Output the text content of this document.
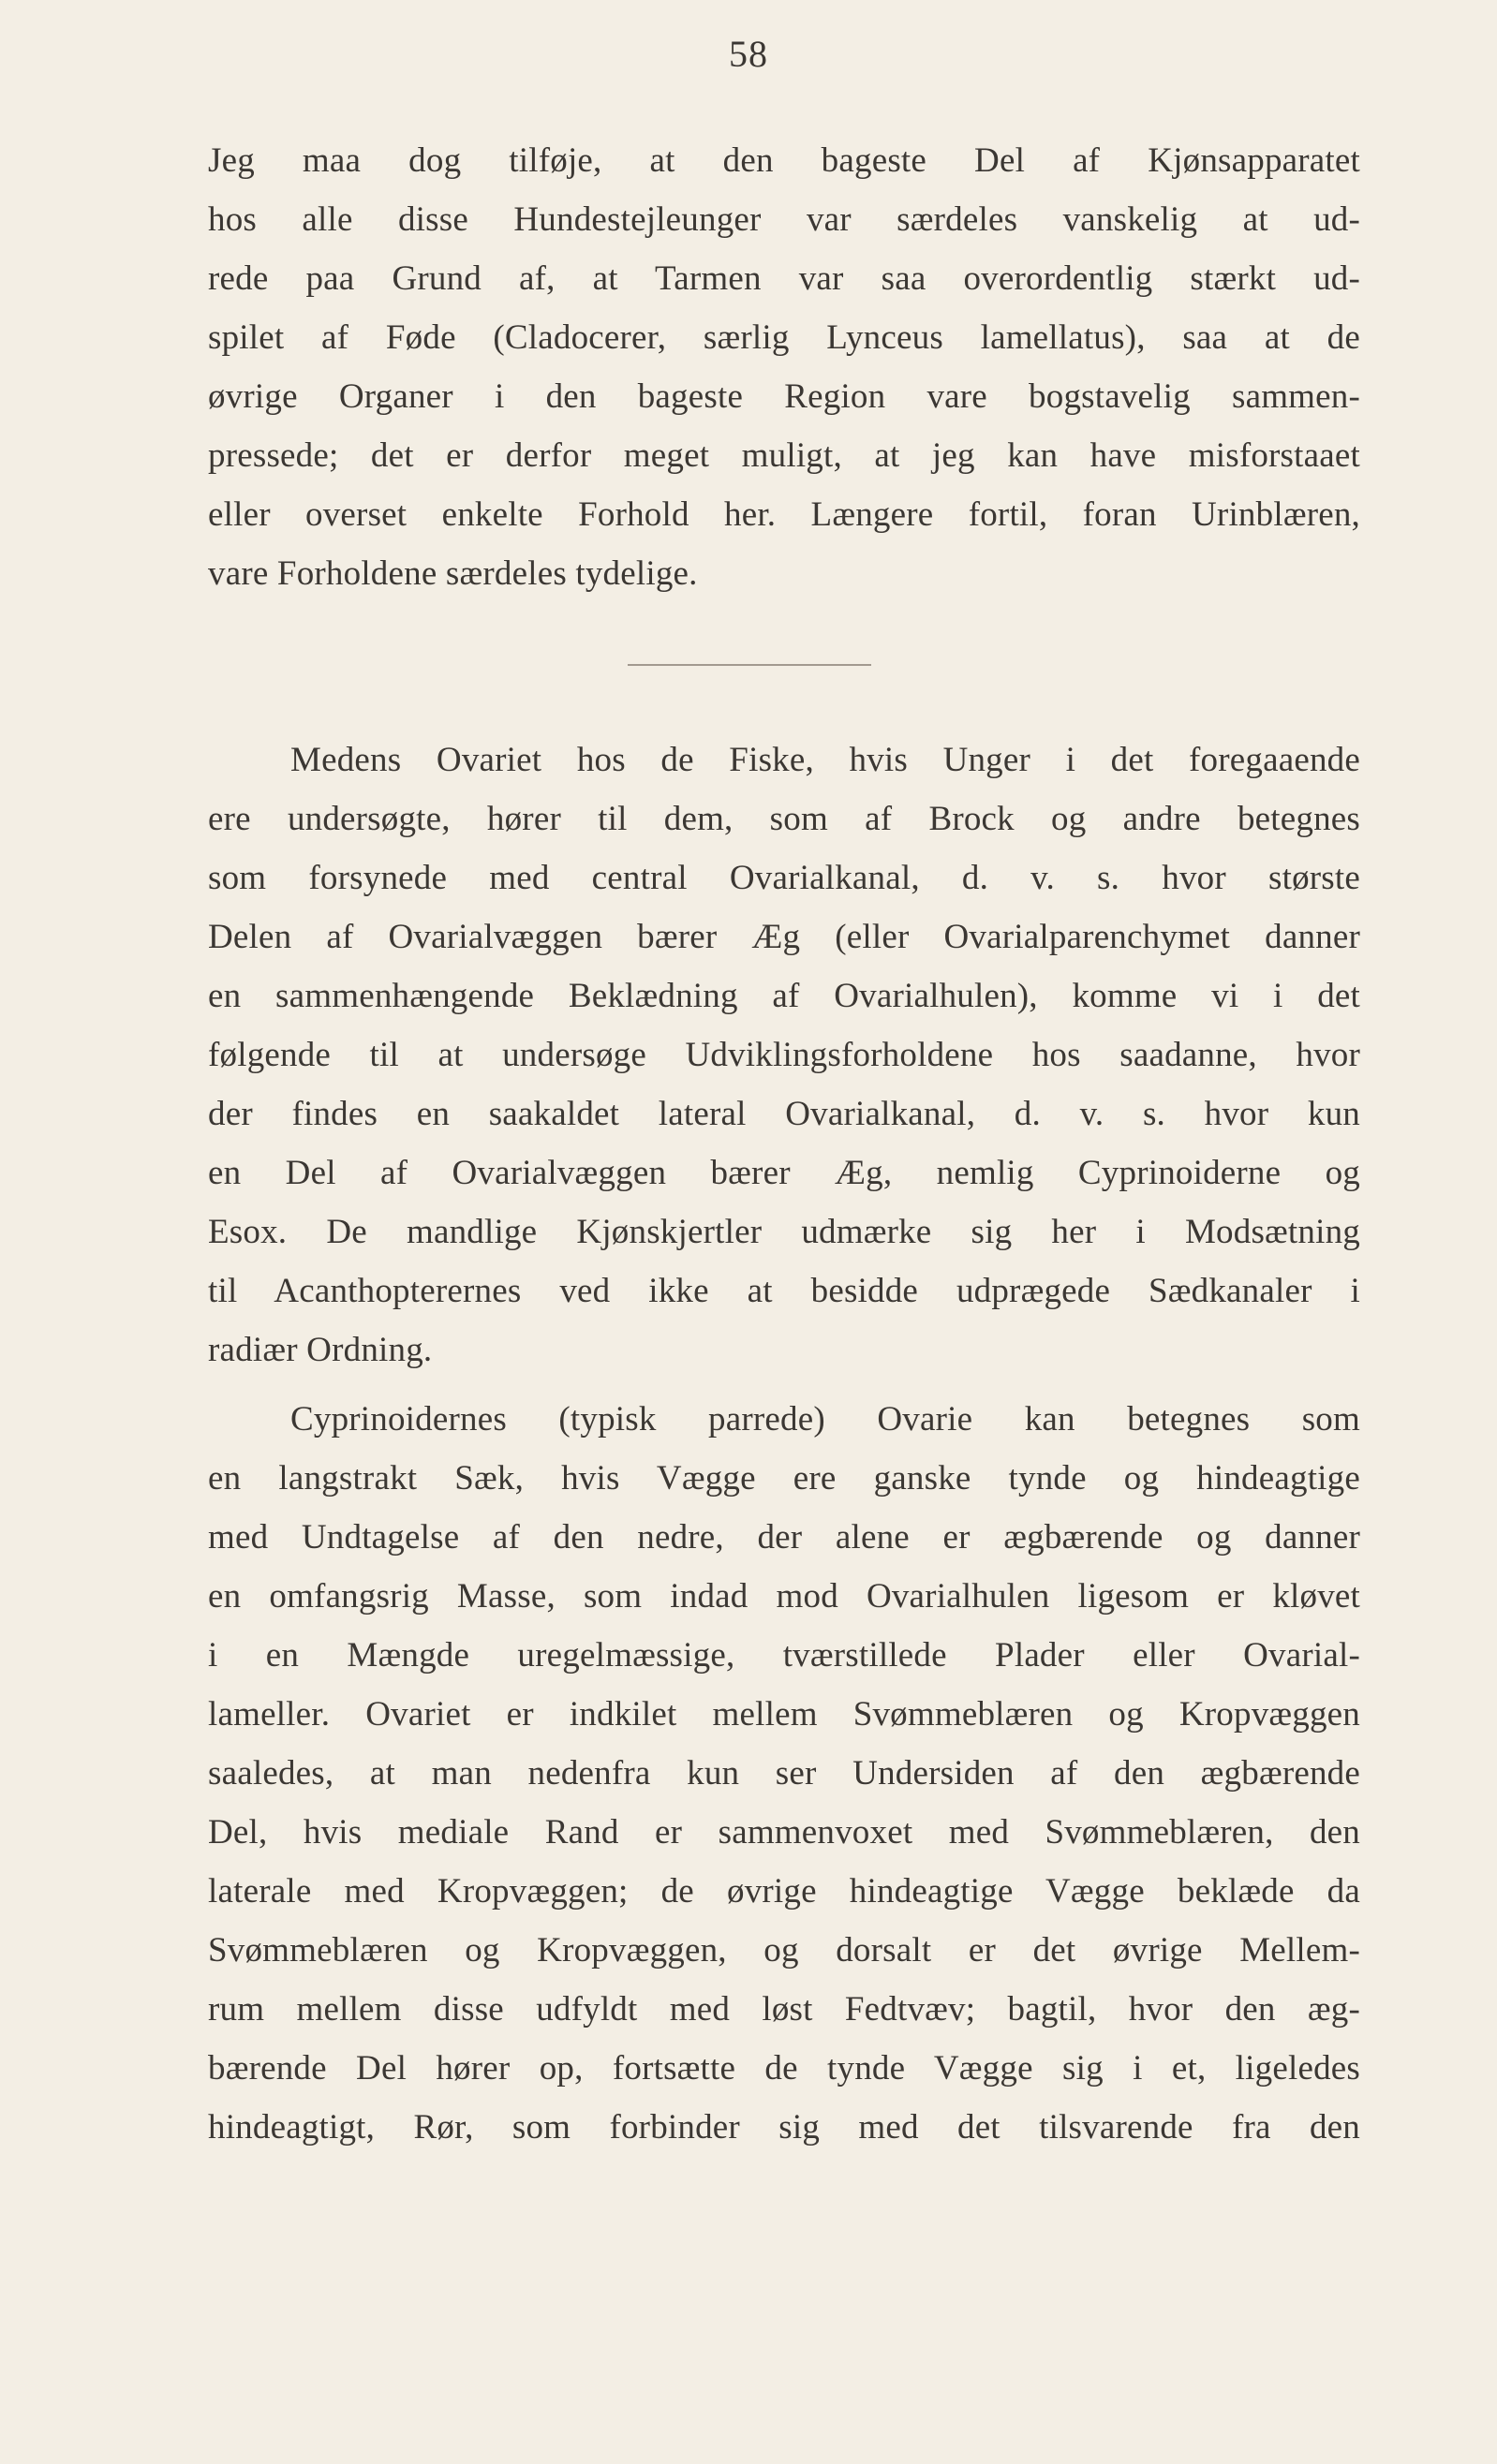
58
Jeg maa dog tilføje, at den bageste Del af Kjønsapparatet
hos alle disse Hundestejleunger var særdeles vanskelig at ud-
rede paa Grund af, at Tarmen var saa overordentlig stærkt ud-
spilet af Føde (Cladocerer, særlig Lynceus lamellatus), saa at de
øvrige Organer i den bageste Region vare bogstavelig sammen-
pressede; det er derfor meget muligt, at jeg kan have misforstaaet
eller overset enkelte Forhold her. Længere fortil, foran Urinblæren,
vare Forholdene særdeles tydelige.
Medens Ovariet hos de Fiske, hvis Unger i det foregaaende
ere undersøgte, hører til dem, som af Brock og andre betegnes
som forsynede med central Ovarialkanal, d. v. s. hvor største
Delen af Ovarialvæggen bærer Æg (eller Ovarialparenchymet danner
en sammenhængende Beklædning af Ovarialhulen), komme vi i det
følgende til at undersøge Udviklingsforholdene hos saadanne, hvor
der findes en saakaldet lateral Ovarialkanal, d. v. s. hvor kun
en Del af Ovarialvæggen bærer Æg, nemlig Cyprinoiderne og
Esox. De mandlige Kjønskjertler udmærke sig her i Modsætning
til Acanthopterernes ved ikke at besidde udprægede Sædkanaler i
radiær Ordning.
Cyprinoidernes (typisk parrede) Ovarie kan betegnes som
en langstrakt Sæk, hvis Vægge ere ganske tynde og hindeagtige
med Undtagelse af den nedre, der alene er ægbærende og danner
en omfangsrig Masse, som indad mod Ovarialhulen ligesom er kløvet
i en Mængde uregelmæssige, tværstillede Plader eller Ovarial-
lameller. Ovariet er indkilet mellem Svømmeblæren og Kropvæggen
saaledes, at man nedenfra kun ser Undersiden af den ægbærende
Del, hvis mediale Rand er sammenvoxet med Svømmeblæren, den
laterale med Kropvæggen; de øvrige hindeagtige Vægge beklæde da
Svømmeblæren og Kropvæggen, og dorsalt er det øvrige Mellem-
rum mellem disse udfyldt med løst Fedtvæv; bagtil, hvor den æg-
bærende Del hører op, fortsætte de tynde Vægge sig i et, ligeledes
hindeagtigt, Rør, som forbinder sig med det tilsvarende fra den
